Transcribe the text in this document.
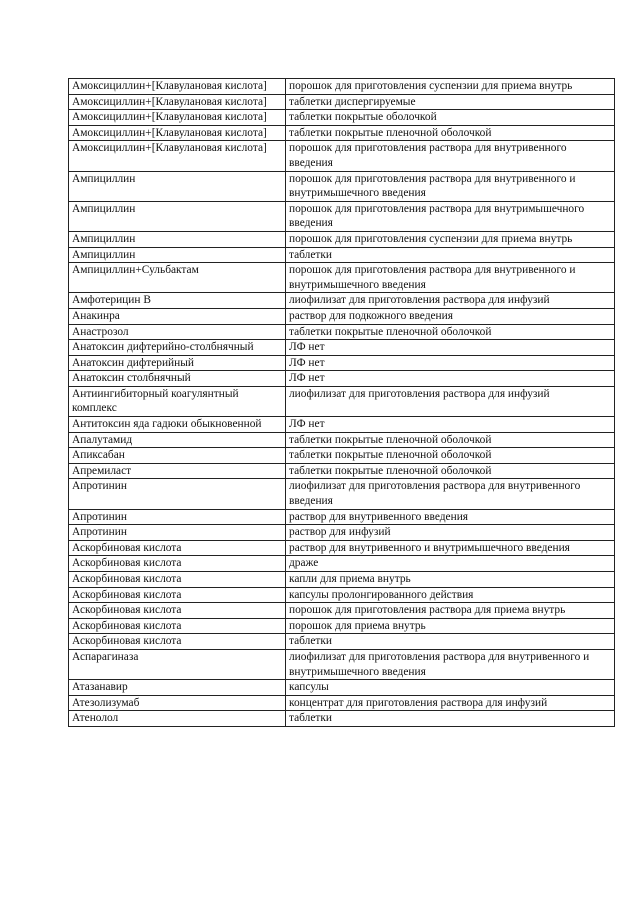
Амоксициллин+[Клавулановая кислота]	порошок для приготовления суспензии для приема внутрь
Амоксициллин+[Клавулановая кислота]	таблетки диспергируемые
Амоксициллин+[Клавулановая кислота]	таблетки покрытые оболочкой
Амоксициллин+[Клавулановая кислота]	таблетки покрытые пленочной оболочкой
Амоксициллин+[Клавулановая кислота]	порошок для приготовления раствора для внутривенного введения
Ампициллин	порошок для приготовления раствора для внутривенного и внутримышечного введения
Ампициллин	порошок для приготовления раствора для внутримышечного введения
Ампициллин	порошок для приготовления суспензии для приема внутрь
Ампициллин	таблетки
Ампициллин+Сульбактам	порошок для приготовления раствора для внутривенного и внутримышечного введения
Амфотерицин B	лиофилизат для приготовления раствора для инфузий
Анакинра	раствор для подкожного введения
Анастрозол	таблетки покрытые пленочной оболочкой
Анатоксин дифтерийно-столбнячный	ЛФ нет
Анатоксин дифтерийный	ЛФ нет
Анатоксин столбнячный	ЛФ нет
Антиингибиторный коагулянтный комплекс	лиофилизат для приготовления раствора для инфузий
Антитоксин яда гадюки обыкновенной	ЛФ нет
Апалутамид	таблетки покрытые пленочной оболочкой
Апиксабан	таблетки покрытые пленочной оболочкой
Апремиласт	таблетки покрытые пленочной оболочкой
Апротинин	лиофилизат для приготовления раствора для внутривенного введения
Апротинин	раствор для внутривенного введения
Апротинин	раствор для инфузий
Аскорбиновая кислота	раствор для внутривенного и внутримышечного введения
Аскорбиновая кислота	драже
Аскорбиновая кислота	капли для приема внутрь
Аскорбиновая кислота	капсулы пролонгированного действия
Аскорбиновая кислота	порошок для приготовления раствора для приема внутрь
Аскорбиновая кислота	порошок для приема внутрь
Аскорбиновая кислота	таблетки
Аспарагиназа	лиофилизат для приготовления раствора для внутривенного и внутримышечного введения
Атазанавир	капсулы
Атезолизумаб	концентрат для приготовления раствора для инфузий
Атенолол	таблетки
